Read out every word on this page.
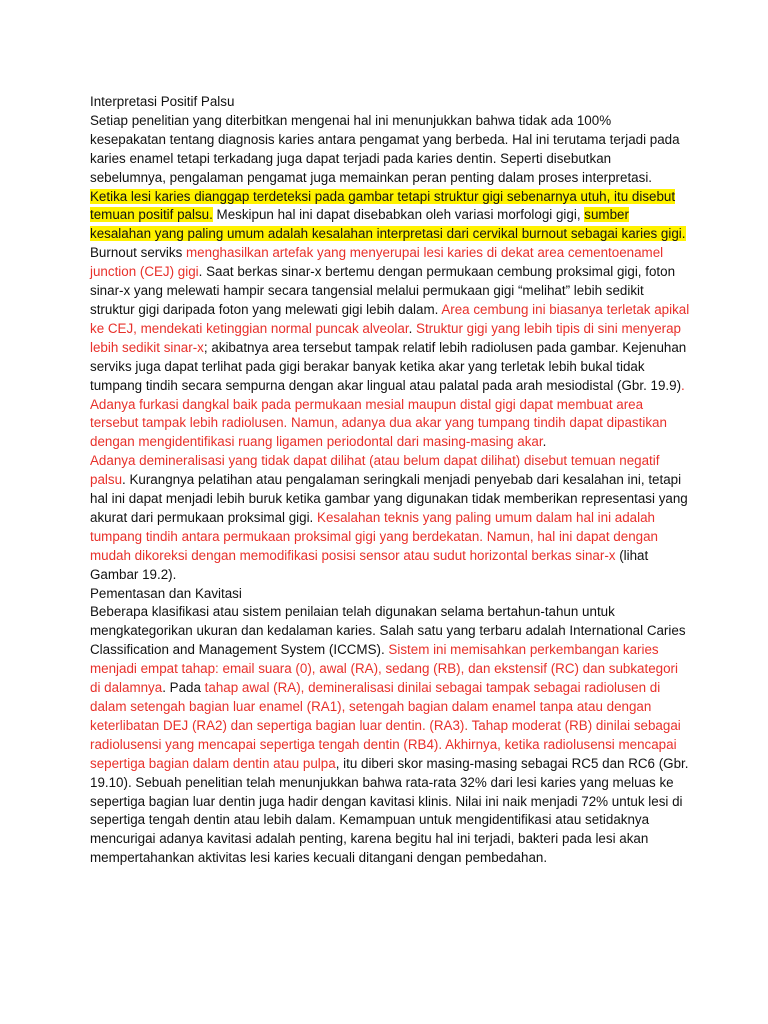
Interpretasi Positif Palsu
Setiap penelitian yang diterbitkan mengenai hal ini menunjukkan bahwa tidak ada 100% kesepakatan tentang diagnosis karies antara pengamat yang berbeda. Hal ini terutama terjadi pada karies enamel tetapi terkadang juga dapat terjadi pada karies dentin. Seperti disebutkan sebelumnya, pengalaman pengamat juga memainkan peran penting dalam proses interpretasi. Ketika lesi karies dianggap terdeteksi pada gambar tetapi struktur gigi sebenarnya utuh, itu disebut temuan positif palsu. Meskipun hal ini dapat disebabkan oleh variasi morfologi gigi, sumber kesalahan yang paling umum adalah kesalahan interpretasi dari cervikal burnout sebagai karies gigi.
Burnout serviks menghasilkan artefak yang menyerupai lesi karies di dekat area cementoenamel junction (CEJ) gigi. Saat berkas sinar-x bertemu dengan permukaan cembung proksimal gigi, foton sinar-x yang melewati hampir secara tangensial melalui permukaan gigi “melihat” lebih sedikit struktur gigi daripada foton yang melewati gigi lebih dalam. Area cembung ini biasanya terletak apikal ke CEJ, mendekati ketinggian normal puncak alveolar. Struktur gigi yang lebih tipis di sini menyerap lebih sedikit sinar-x; akibatnya area tersebut tampak relatif lebih radiolusen pada gambar. Kejenuhan serviks juga dapat terlihat pada gigi berakar banyak ketika akar yang terletak lebih bukal tidak tumpang tindih secara sempurna dengan akar lingual atau palatal pada arah mesiodistal (Gbr. 19.9). Adanya furkasi dangkal baik pada permukaan mesial maupun distal gigi dapat membuat area tersebut tampak lebih radiolusen. Namun, adanya dua akar yang tumpang tindih dapat dipastikan dengan mengidentifikasi ruang ligamen periodontal dari masing-masing akar.
Adanya demineralisasi yang tidak dapat dilihat (atau belum dapat dilihat) disebut temuan negatif palsu. Kurangnya pelatihan atau pengalaman seringkali menjadi penyebab dari kesalahan ini, tetapi hal ini dapat menjadi lebih buruk ketika gambar yang digunakan tidak memberikan representasi yang akurat dari permukaan proksimal gigi. Kesalahan teknis yang paling umum dalam hal ini adalah tumpang tindih antara permukaan proksimal gigi yang berdekatan. Namun, hal ini dapat dengan mudah dikoreksi dengan memodifikasi posisi sensor atau sudut horizontal berkas sinar-x (lihat Gambar 19.2).
Pementasan dan Kavitasi
Beberapa klasifikasi atau sistem penilaian telah digunakan selama bertahun-tahun untuk mengkategorikan ukuran dan kedalaman karies. Salah satu yang terbaru adalah International Caries Classification and Management System (ICCMS). Sistem ini memisahkan perkembangan karies menjadi empat tahap: email suara (0), awal (RA), sedang (RB), dan ekstensif (RC) dan subkategori di dalamnya. Pada tahap awal (RA), demineralisasi dinilai sebagai tampak sebagai radiolusen di dalam setengah bagian luar enamel (RA1), setengah bagian dalam enamel tanpa atau dengan keterlibatan DEJ (RA2) dan sepertiga bagian luar dentin. (RA3). Tahap moderat (RB) dinilai sebagai radiolusensi yang mencapai sepertiga tengah dentin (RB4). Akhirnya, ketika radiolusensi mencapai sepertiga bagian dalam dentin atau pulpa, itu diberi skor masing-masing sebagai RC5 dan RC6 (Gbr. 19.10). Sebuah penelitian telah menunjukkan bahwa rata-rata 32% dari lesi karies yang meluas ke sepertiga bagian luar dentin juga hadir dengan kavitasi klinis. Nilai ini naik menjadi 72% untuk lesi di sepertiga tengah dentin atau lebih dalam. Kemampuan untuk mengidentifikasi atau setidaknya mencurigai adanya kavitasi adalah penting, karena begitu hal ini terjadi, bakteri pada lesi akan mempertahankan aktivitas lesi karies kecuali ditangani dengan pembedahan.
